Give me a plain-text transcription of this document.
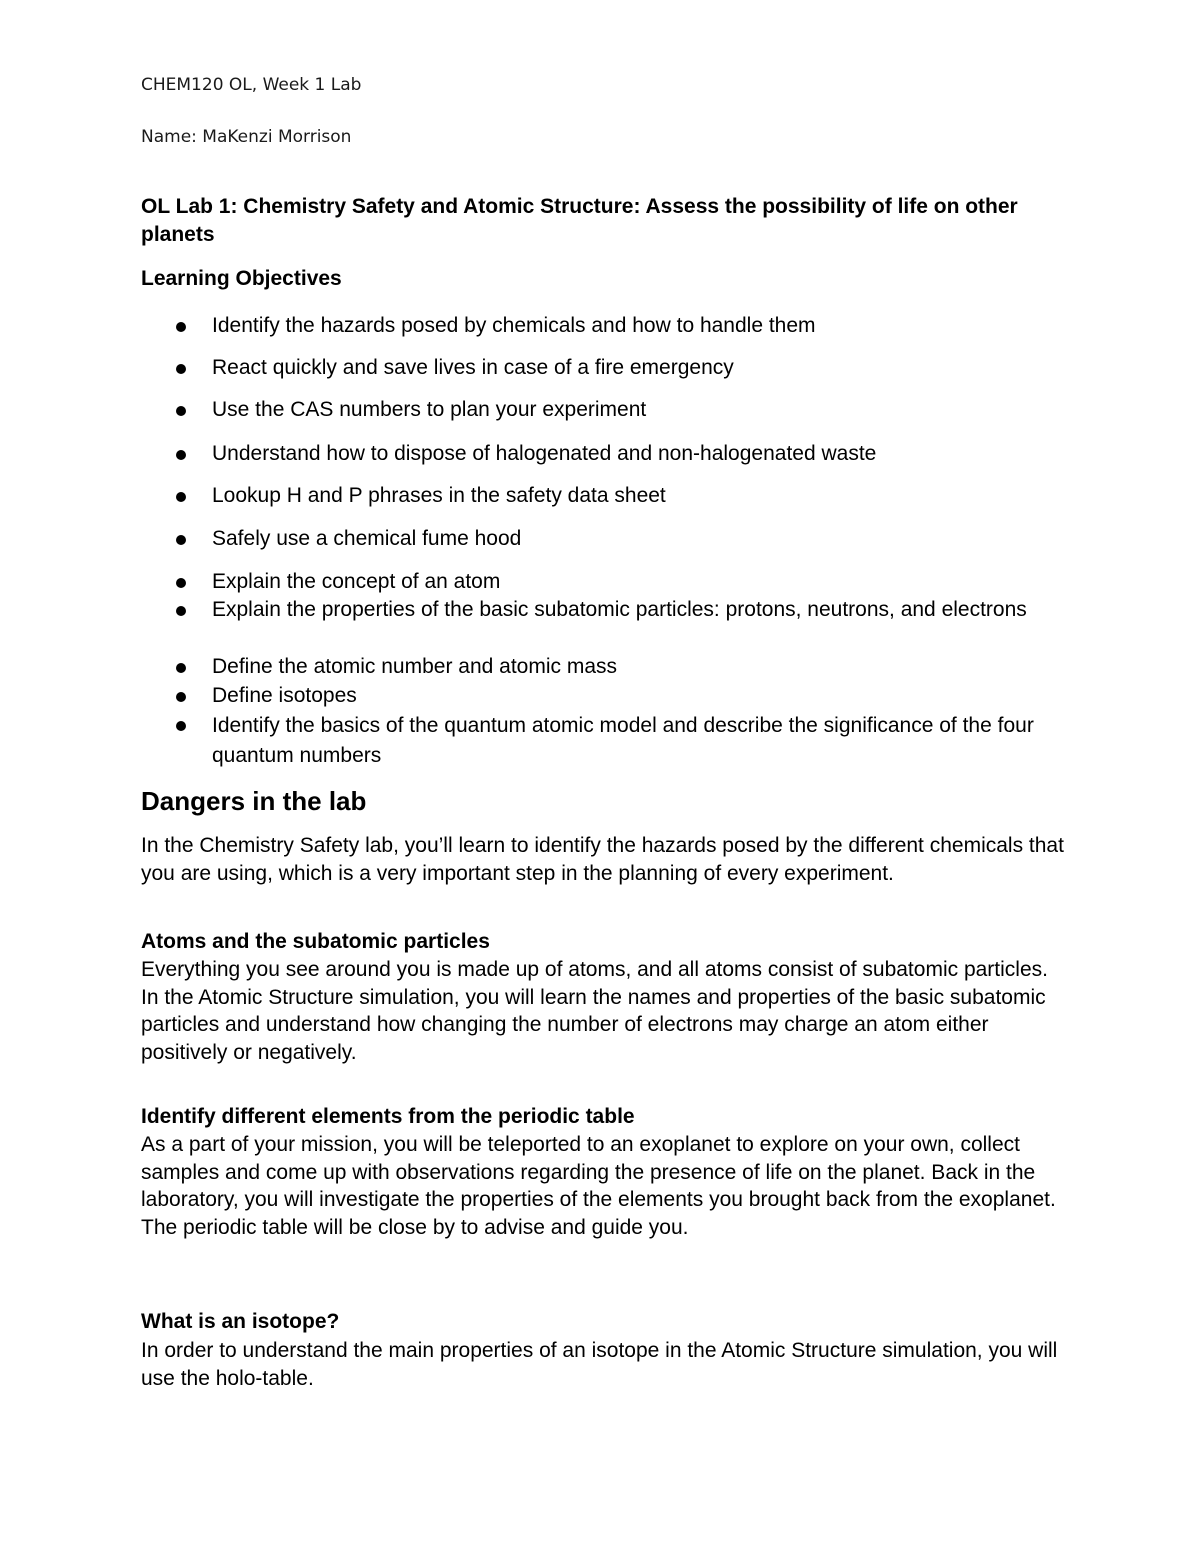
CHEM120 OL, Week 1 Lab

Name: MaKenzi Morrison

OL Lab 1: Chemistry Safety and Atomic Structure: Assess the possibility of life on other planets

Learning Objectives

Identify the hazards posed by chemicals and how to handle them
React quickly and save lives in case of a fire emergency
Use the CAS numbers to plan your experiment
Understand how to dispose of halogenated and non-halogenated waste
Lookup H and P phrases in the safety data sheet
Safely use a chemical fume hood
Explain the concept of an atom
Explain the properties of the basic subatomic particles: protons, neutrons, and electrons
Define the atomic number and atomic mass
Define isotopes
Identify the basics of the quantum atomic model and describe the significance of the four quantum numbers

Dangers in the lab

In the Chemistry Safety lab, you’ll learn to identify the hazards posed by the different chemicals that you are using, which is a very important step in the planning of every experiment.

Atoms and the subatomic particles

Everything you see around you is made up of atoms, and all atoms consist of subatomic particles. In the Atomic Structure simulation, you will learn the names and properties of the basic subatomic particles and understand how changing the number of electrons may charge an atom either positively or negatively.

Identify different elements from the periodic table

As a part of your mission, you will be teleported to an exoplanet to explore on your own, collect samples and come up with observations regarding the presence of life on the planet. Back in the laboratory, you will investigate the properties of the elements you brought back from the exoplanet. The periodic table will be close by to advise and guide you.

What is an isotope?

In order to understand the main properties of an isotope in the Atomic Structure simulation, you will use the holo-table.
